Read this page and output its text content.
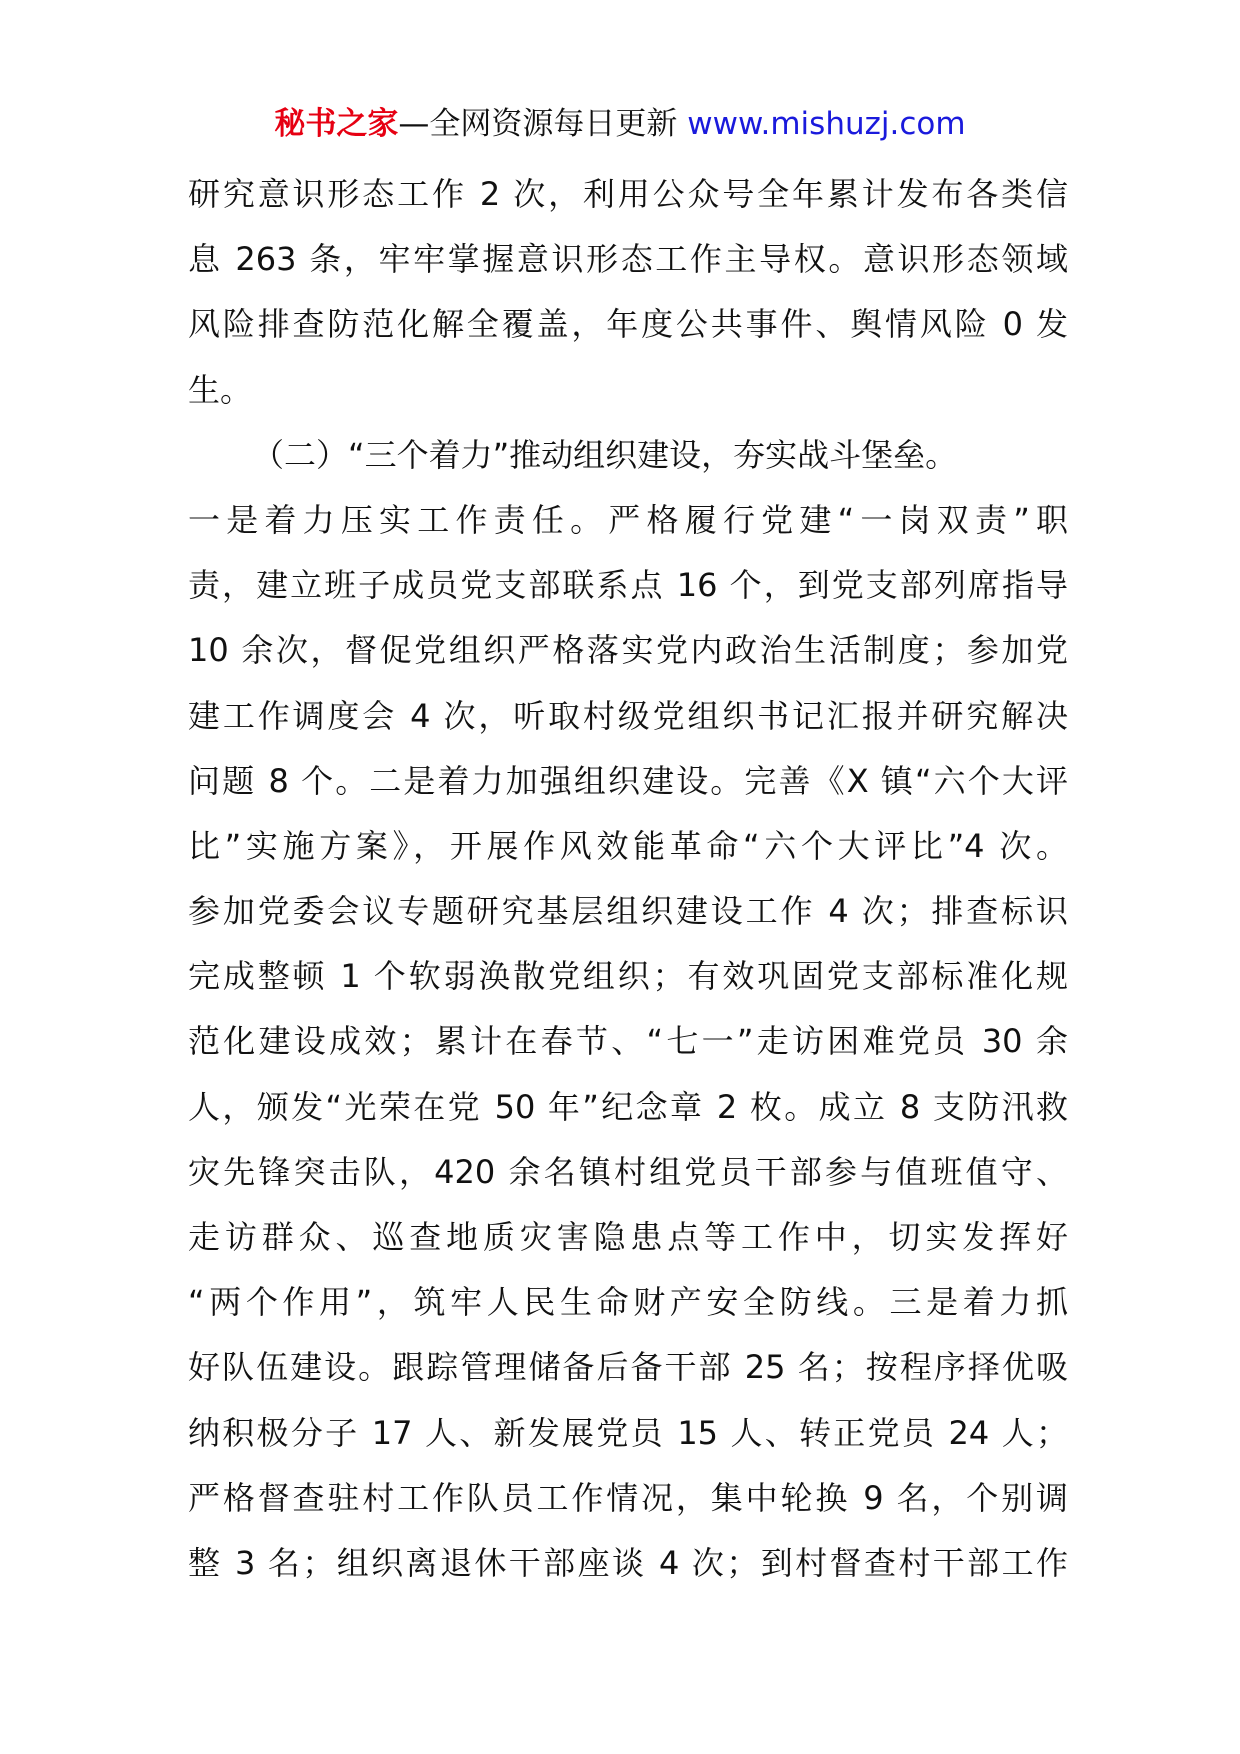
秘书之家—全网资源每日更新 www.mishuzj.com
研究意识形态工作 2 次，利用公众号全年累计发布各类信
息 263 条，牢牢掌握意识形态工作主导权。意识形态领域
风险排查防范化解全覆盖，年度公共事件、舆情风险 0 发
生。
（二）“三个着力”推动组织建设，夯实战斗堡垒。
一是着力压实工作责任。严格履行党建“一岗双责”职
责，建立班子成员党支部联系点 16 个，到党支部列席指导
10 余次，督促党组织严格落实党内政治生活制度；参加党
建工作调度会 4 次，听取村级党组织书记汇报并研究解决
问题 8 个。二是着力加强组织建设。完善《X 镇“六个大评
比”实施方案》，开展作风效能革命“六个大评比”4 次。
参加党委会议专题研究基层组织建设工作 4 次；排查标识
完成整顿 1 个软弱涣散党组织；有效巩固党支部标准化规
范化建设成效；累计在春节、“七一”走访困难党员 30 余
人，颁发“光荣在党 50 年”纪念章 2 枚。成立 8 支防汛救
灾先锋突击队，420 余名镇村组党员干部参与值班值守、
走访群众、巡查地质灾害隐患点等工作中，切实发挥好
“两个作用”，筑牢人民生命财产安全防线。三是着力抓
好队伍建设。跟踪管理储备后备干部 25 名；按程序择优吸
纳积极分子 17 人、新发展党员 15 人、转正党员 24 人；
严格督查驻村工作队员工作情况，集中轮换 9 名，个别调
整 3 名；组织离退休干部座谈 4 次；到村督查村干部工作
